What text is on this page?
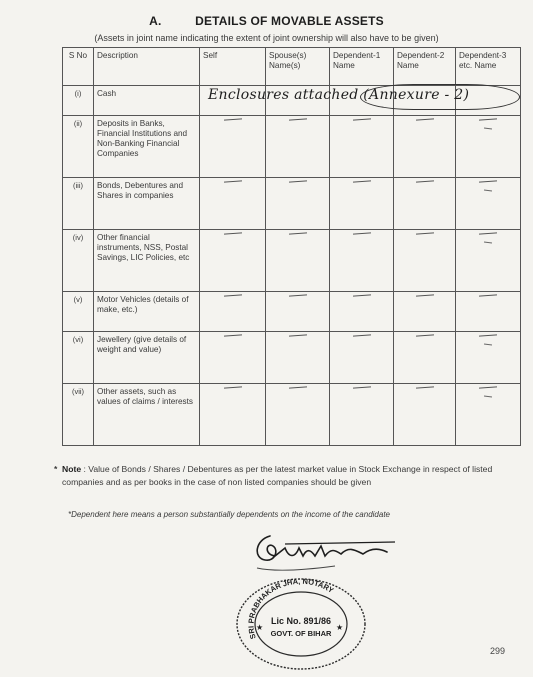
A.	DETAILS OF MOVABLE ASSETS
(Assets in joint name indicating the extent of joint ownership will also have to be given)
S No	Description	Self	Spouse(s) Name(s)	Dependent-1 Name	Dependent-2 Name	Dependent-3 etc. Name
(i)	Cash					
(ii)	Deposits in Banks, Financial Institutions and Non-Banking Financial Companies	

(iii)	Bonds, Debentures and Shares in companies	

(iv)	Other financial instruments, NSS, Postal Savings, LIC Policies, etc	

(v)	Motor Vehicles (details of make, etc.)	

(vi)	Jewellery (give details of weight and value)	

(vii)	Other assets, such as values of claims / interests	

Enclosures attached (Annexure - 2)
* Note : Value of Bonds / Shares / Debentures as per the latest market value in Stock Exchange in respect of listed companies and as per books in the case of non listed companies should be given
*Dependent here means a person substantially dependents on the income of the candidate
SRI PRABHAKAR JHA, NOTARY
Lic No. 891/86
GOVT. OF BIHAR
★	★
299
